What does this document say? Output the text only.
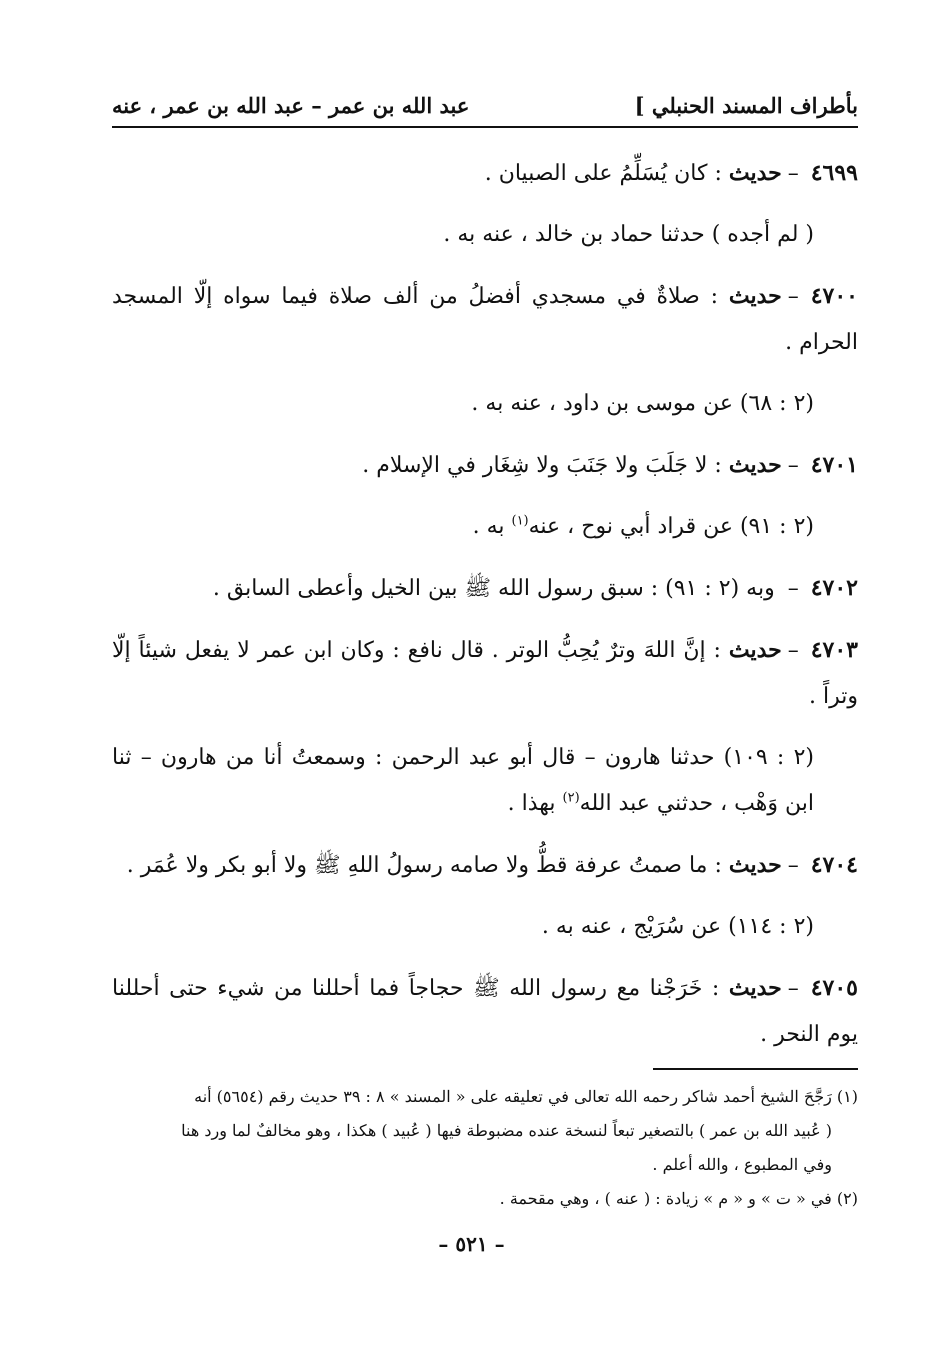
بأطراف المسند الحنبلي ]
عبد الله بن عمر – عبد الله بن عمر ، عنه

٤٦٩٩–حديث : كان يُسَلِّمُ على الصبيان .

( لم أجده ) حدثنا حماد بن خالد ، عنه به .

٤٧٠٠–حديث : صلاةٌ في مسجدي أفضلُ من ألف صلاة فيما سواه إلّا المسجد الحرام .

(٢ : ٦٨) عن موسى بن داود ، عنه به .

٤٧٠١–حديث : لا جَلَبَ ولا جَنَبَ ولا شِغَار في الإسلام .

(٢ : ٩١) عن قراد أبي نوح ، عنه$^{(١)}$ به .

٤٧٠٢– وبه (٢ : ٩١) : سبق رسول الله ﷺ بين الخيل وأعطى السابق .

٤٧٠٣–حديث : إنَّ اللهَ وترٌ يُحِبُّ الوتر . قال نافع : وكان ابن عمر لا يفعل شيئاً إلّا وتراً .

(٢ : ١٠٩) حدثنا هارون – قال أبو عبد الرحمن : وسمعتُ أنا من هارون – ثنا ابن وَهْب ، حدثني عبد الله$^{(٢)}$ بهذا .

٤٧٠٤–حديث : ما صمتُ عرفة قطُّ ولا صامه رسولُ اللهِ ﷺ ولا أبو بكر ولا عُمَر .

(٢ : ١١٤) عن سُرَيْج ، عنه به .

٤٧٠٥–حديث : خَرَجْنا مع رسول الله ﷺ حجاجاً فما أحللنا من شيء حتى أحللنا يوم النحر .

(١) رَجَّحَ الشيخ أحمد شاكر رحمه الله تعالى في تعليقه على « المسند » ٨ : ٣٩ حديث رقم (٥٦٥٤) أنه

( عُبيد الله بن عمر ) بالتصغير تبعاً لنسخة عنده مضبوطة فيها ( عُبيد ) هكذا ، وهو مخالفٌ لما ورد هنا

وفي المطبوع ، والله أعلم .

(٢) في « ت » و « م » زيادة : ( عنه ) ، وهي مقحمة .

– ٥٢١ –
